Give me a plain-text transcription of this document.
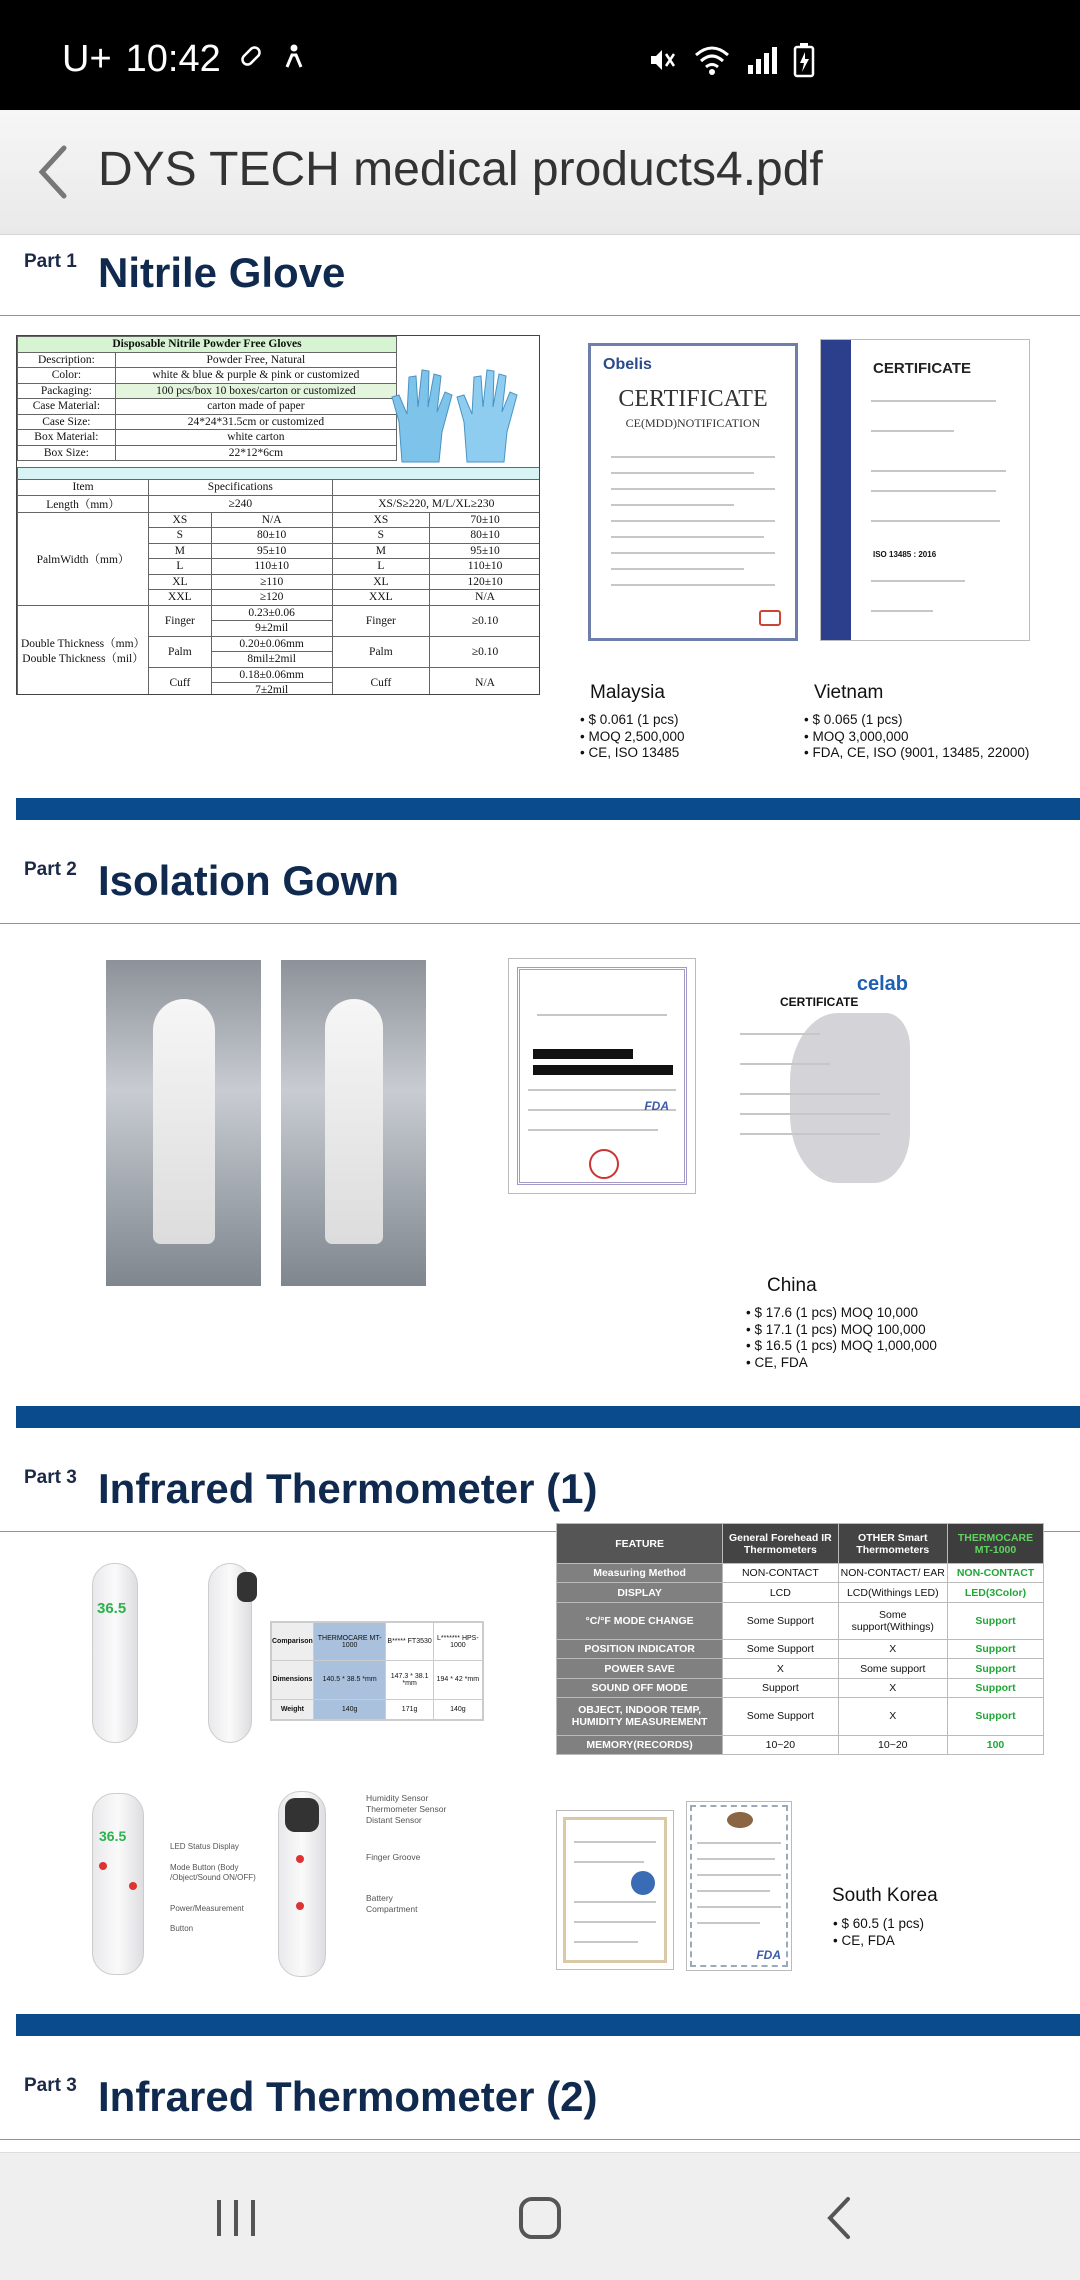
U+ 10:42
DYS TECH medical products4.pdf
Part 1 Nitrile Glove
Disposable Nitrile Powder Free Gloves	
Description:	Powder Free, Natural
Color:	white & blue & purple & pink or customized
Packaging:	100 pcs/box 10 boxes/carton or customized
Case Material:	carton made of paper
Case Size:	24*24*31.5cm or customized
Box Material:	white carton
Box Size:	22*12*6cm

Item	Specifications			
Length（mm）	≥240		XS/S≥220, M/L/XL≥230	
PalmWidth（mm）	XS	N/A	XS	70±10
	S	80±10	S	80±10
	M	95±10	M	95±10
	L	110±10	L	110±10
	XL	≥110	XL	120±10
	XXL	≥120	XXL	N/A
Double Thickness（mm）
Double Thickness（mil）	Finger	0.23±0.06	Finger	≥0.10
		9±2mil		
	Palm	0.20±0.06mm	Palm	≥0.10
		8mil±2mil		
	Cuff	0.18±0.06mm	Cuff	N/A
		7±2mil		
Obelis
CERTIFICATE
CE(MDD)NOTIFICATION
CERTIFICATE
ISO 13485 : 2016
Malaysia
• $ 0.061 (1 pcs)
• MOQ 2,500,000
• CE, ISO 13485
Vietnam
• $ 0.065 (1 pcs)
• MOQ 3,000,000
• FDA, CE, ISO (9001, 13485, 22000)
Part 2 Isolation Gown
FDA
celab
CERTIFICATE
China
• $ 17.6 (1 pcs) MOQ 10,000
• $ 17.1 (1 pcs) MOQ 100,000
• $ 16.5 (1 pcs) MOQ 1,000,000
• CE, FDA
Part 3 Infrared Thermometer (1)
36.5
Comparison	THERMOCARE MT-1000	B***** FT3530	L******* HPS-1000
Dimensions	140.5 * 38.5 *mm	147.3 * 38.1 *mm	194 * 42 *mm
Weight	140g	171g	140g
FEATURE	General Forehead IR Thermometers	OTHER Smart Thermometers	THERMOCARE MT-1000
Measuring Method	NON-CONTACT	NON-CONTACT/ EAR	NON-CONTACT
DISPLAY	LCD	LCD(Withings LED)	LED(3Color)
°C/°F MODE CHANGE	Some Support	Some support(Withings)	Support
POSITION INDICATOR	Some Support	X	Support
POWER SAVE	X	Some support	Support
SOUND OFF MODE	Support	X	Support
OBJECT, INDOOR TEMP, HUMIDITY MEASUREMENT	Some Support	X	Support
MEMORY(RECORDS)	10~20	10~20	100
36.5
LED Status Display
Mode Button (Body /Object/Sound ON/OFF)
Power/Measurement Button
Humidity Sensor
Thermometer Sensor
Distant Sensor
Finger Groove
Battery Compartment
FDA
South Korea
• $ 60.5 (1 pcs)
• CE, FDA
Part 3 Infrared Thermometer (2)
